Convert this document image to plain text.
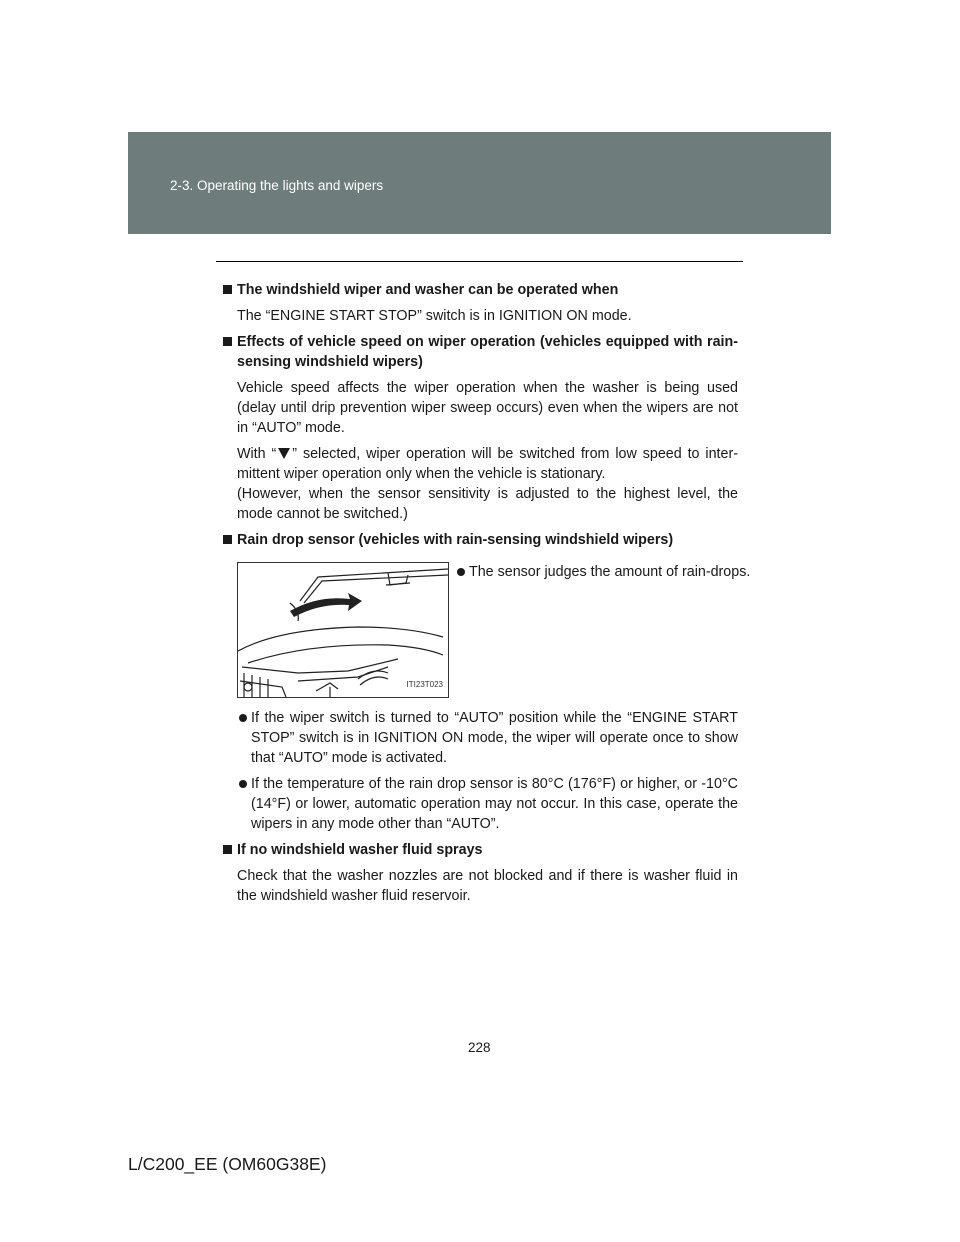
2-3. Operating the lights and wipers
The windshield wiper and washer can be operated when
The “ENGINE START STOP” switch is in IGNITION ON mode.
Effects of vehicle speed on wiper operation (vehicles equipped with rain-sensing windshield wipers)
Vehicle speed affects the wiper operation when the washer is being used (delay until drip prevention wiper sweep occurs) even when the wipers are not in “AUTO” mode.
With “ ” selected, wiper operation will be switched from low speed to inter-mittent wiper operation only when the vehicle is stationary.
(However, when the sensor sensitivity is adjusted to the highest level, the mode cannot be switched.)
Rain drop sensor (vehicles with rain-sensing windshield wipers)
ITI23T023
The sensor judges the amount of rain-drops.
If the wiper switch is turned to “AUTO” position while the “ENGINE START STOP” switch is in IGNITION ON mode, the wiper will operate once to show that “AUTO” mode is activated.
If the temperature of the rain drop sensor is 80°C (176°F) or higher, or -10°C (14°F) or lower, automatic operation may not occur. In this case, operate the wipers in any mode other than “AUTO”.
If no windshield washer fluid sprays
Check that the washer nozzles are not blocked and if there is washer fluid in the windshield washer fluid reservoir.
228
L/C200_EE (OM60G38E)
